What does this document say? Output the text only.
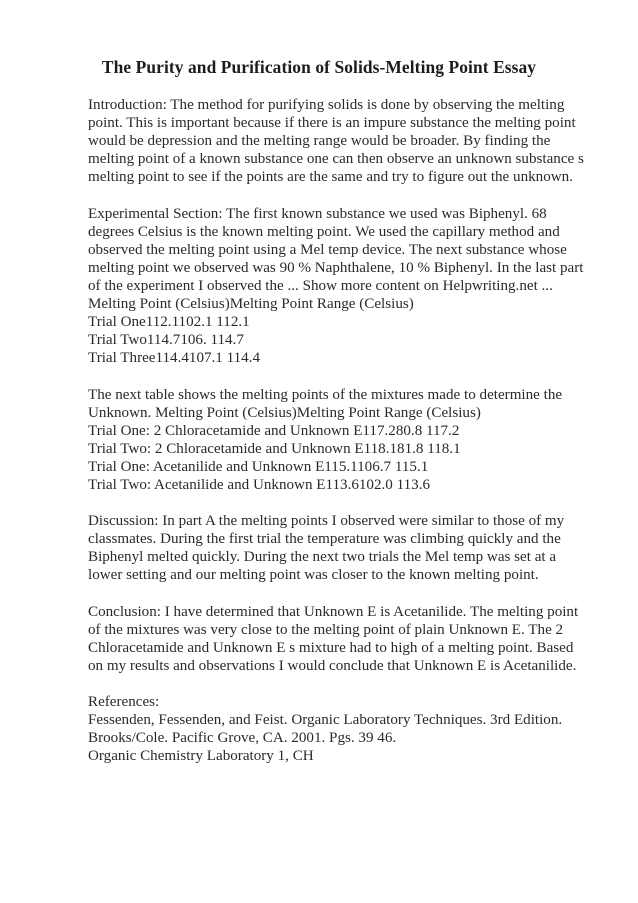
The Purity and Purification of Solids-Melting Point Essay

Introduction: The method for purifying solids is done by observing the melting point. This is important because if there is an impure substance the melting point would be depression and the melting range would be broader. By finding the melting point of a known substance one can then observe an unknown substance s melting point to see if the points are the same and try to figure out the unknown.

Experimental Section: The first known substance we used was Biphenyl. 68 degrees Celsius is the known melting point. We used the capillary method and observed the melting point using a Mel temp device. The next substance whose melting point we observed was 90 % Naphthalene, 10 % Biphenyl. In the last part of the experiment I observed the ... Show more content on Helpwriting.net ...

Melting Point (Celsius)Melting Point Range (Celsius)
Trial One112.1102.1 112.1
Trial Two114.7106. 114.7
Trial Three114.4107.1 114.4

The next table shows the melting points of the mixtures made to determine the Unknown. Melting Point (Celsius)Melting Point Range (Celsius)

Trial One: 2 Chloracetamide and Unknown E117.280.8 117.2
Trial Two: 2 Chloracetamide and Unknown E118.181.8 118.1
Trial One: Acetanilide and Unknown E115.1106.7 115.1
Trial Two: Acetanilide and Unknown E113.6102.0 113.6

Discussion: In part A the melting points I observed were similar to those of my classmates. During the first trial the temperature was climbing quickly and the Biphenyl melted quickly. During the next two trials the Mel temp was set at a lower setting and our melting point was closer to the known melting point.

Conclusion: I have determined that Unknown E is Acetanilide. The melting point of the mixtures was very close to the melting point of plain Unknown E. The 2 Chloracetamide and Unknown E s mixture had to high of a melting point. Based on my results and observations I would conclude that Unknown E is Acetanilide.

References:
Fessenden, Fessenden, and Feist. Organic Laboratory Techniques. 3rd Edition.
Brooks/Cole. Pacific Grove, CA. 2001. Pgs. 39 46.
Organic Chemistry Laboratory 1, CH
